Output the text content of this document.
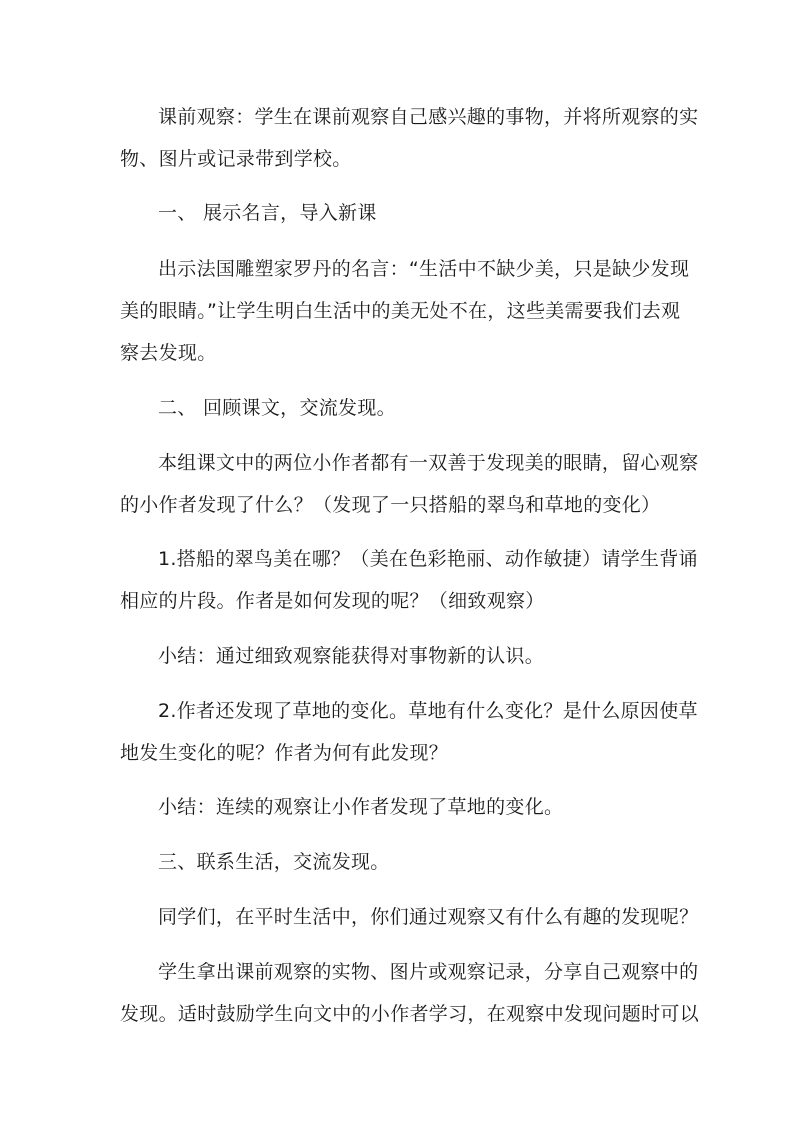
课前观察：学生在课前观察自己感兴趣的事物，并将所观察的实
物、图片或记录带到学校。
一、 展示名言，导入新课
出示法国雕塑家罗丹的名言：“生活中不缺少美，只是缺少发现
美的眼睛。”让学生明白生活中的美无处不在，这些美需要我们去观
察去发现。
二、 回顾课文，交流发现。
本组课文中的两位小作者都有一双善于发现美的眼睛，留心观察
的小作者发现了什么？（发现了一只搭船的翠鸟和草地的变化）
1.搭船的翠鸟美在哪？（美在色彩艳丽、动作敏捷）请学生背诵
相应的片段。作者是如何发现的呢？（细致观察）
小结：通过细致观察能获得对事物新的认识。
2.作者还发现了草地的变化。草地有什么变化？是什么原因使草
地发生变化的呢？作者为何有此发现？
小结：连续的观察让小作者发现了草地的变化。
三、联系生活，交流发现。
同学们，在平时生活中，你们通过观察又有什么有趣的发现呢？
学生拿出课前观察的实物、图片或观察记录，分享自己观察中的
发现。适时鼓励学生向文中的小作者学习，在观察中发现问题时可以
